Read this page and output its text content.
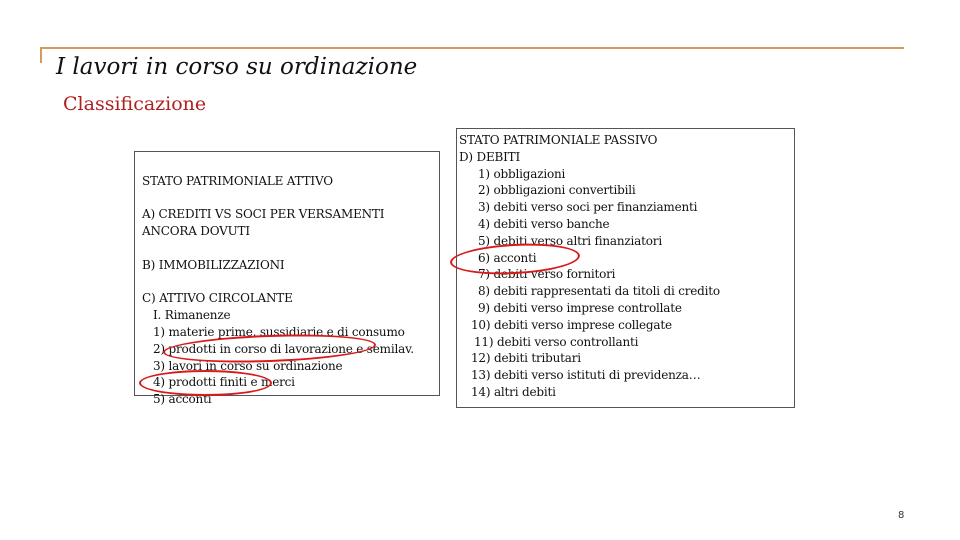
I lavori in corso su ordinazione
Classificazione
STATO PATRIMONIALE ATTIVO
A) CREDITI VS SOCI PER VERSAMENTI
ANCORA DOVUTI
B) IMMOBILIZZAZIONI
C) ATTIVO CIRCOLANTE
I. Rimanenze
1) materie prime, sussidiarie e di consumo
2) prodotti in corso di lavorazione e semilav.
3) lavori in corso su ordinazione
4) prodotti finiti e merci
5) acconti
STATO PATRIMONIALE PASSIVO
D) DEBITI
1) obbligazioni
2) obbligazioni convertibili
3) debiti verso soci per finanziamenti
4) debiti verso banche
5) debiti verso altri finanziatori
6) acconti
7) debiti verso fornitori
8) debiti rappresentati da titoli di credito
9) debiti verso imprese controllate
10) debiti verso imprese collegate
11) debiti verso controllanti
12) debiti tributari
13) debiti verso istituti di previdenza…
14) altri debiti
8
